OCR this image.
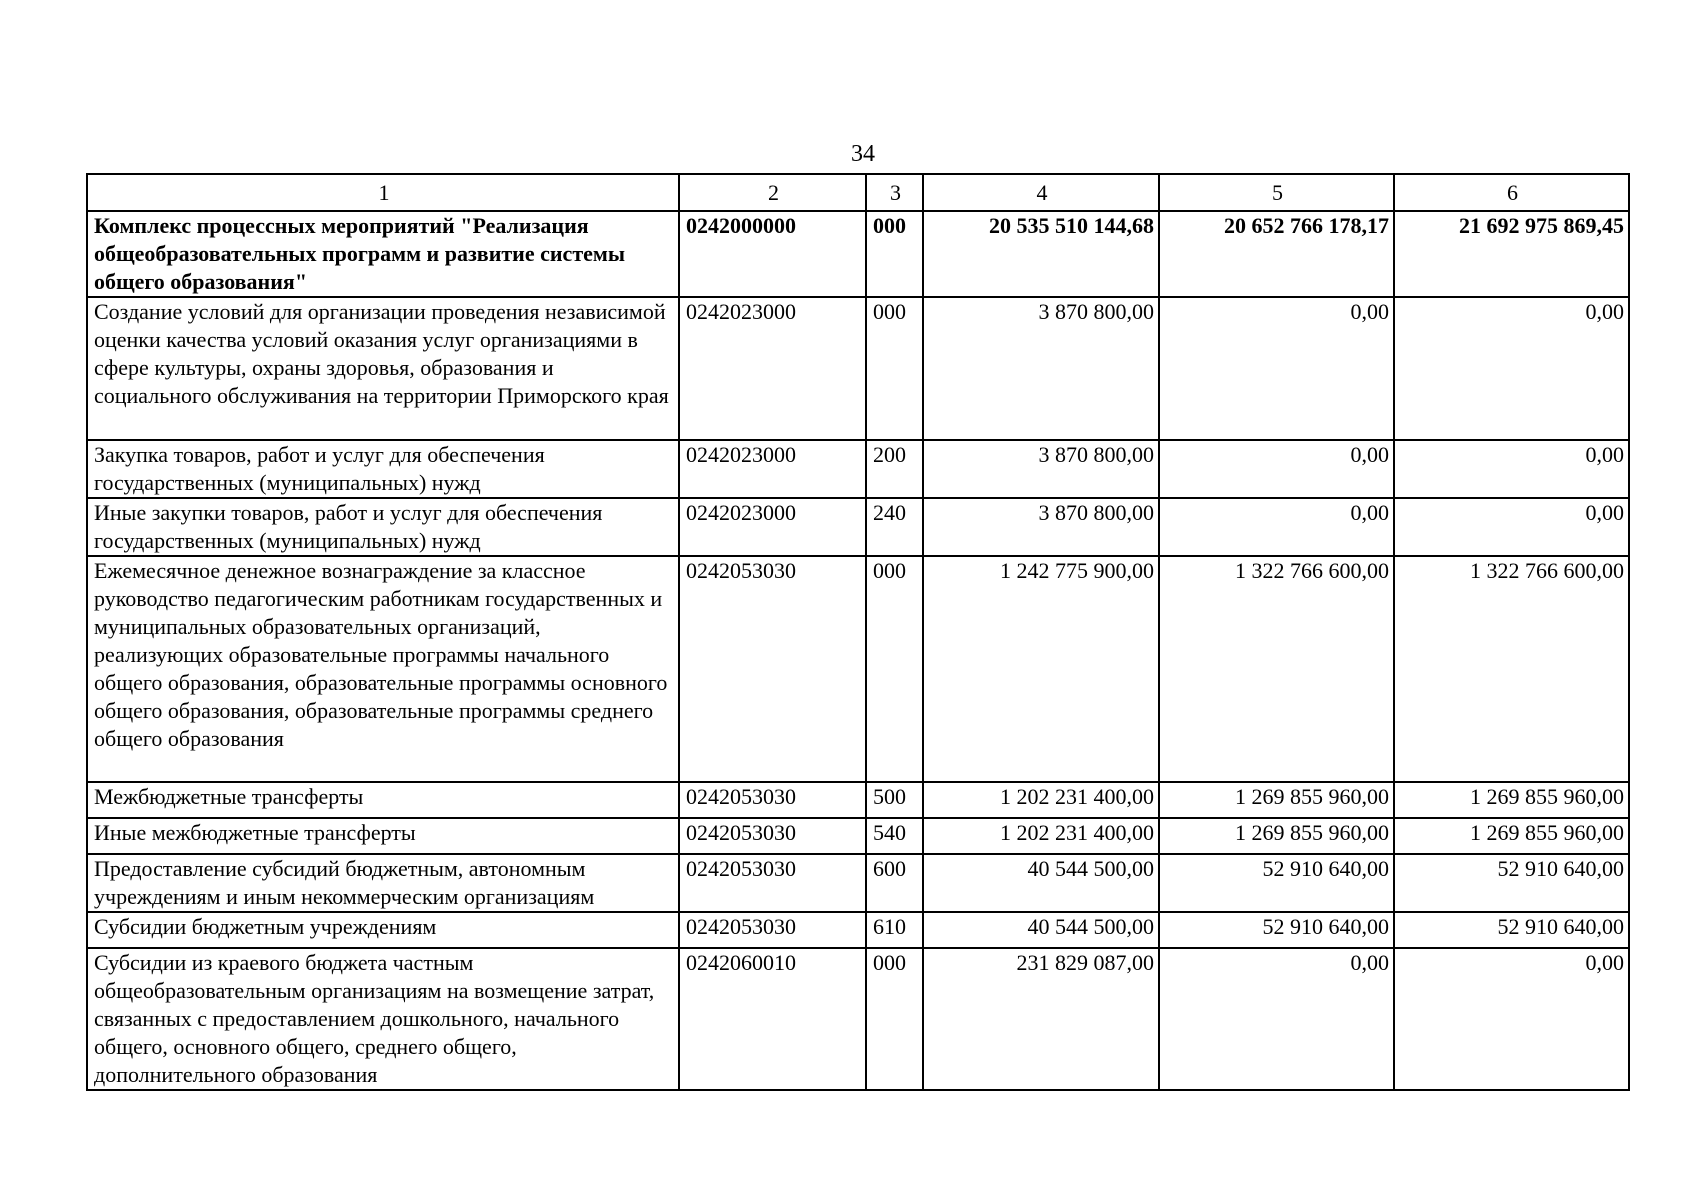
34
1	2	3	4	5	6
Комплекс процессных мероприятий "Реализация общеобразовательных программ и развитие системы общего образования"	0242000000	000	20 535 510 144,68	20 652 766 178,17	21 692 975 869,45
Создание условий для организации проведения независимой оценки качества условий оказания услуг организациями в сфере культуры, охраны здоровья, образования и социального обслуживания на территории Приморского края	0242023000	000	3 870 800,00	0,00	0,00
Закупка товаров, работ и услуг для обеспечения государственных (муниципальных) нужд	0242023000	200	3 870 800,00	0,00	0,00
Иные закупки товаров, работ и услуг для обеспечения государственных (муниципальных) нужд	0242023000	240	3 870 800,00	0,00	0,00
Ежемесячное денежное вознаграждение за классное руководство педагогическим работникам государственных и муниципальных образовательных организаций, реализующих образовательные программы начального общего образования, образовательные программы основного общего образования, образовательные программы среднего общего образования	0242053030	000	1 242 775 900,00	1 322 766 600,00	1 322 766 600,00
Межбюджетные трансферты	0242053030	500	1 202 231 400,00	1 269 855 960,00	1 269 855 960,00
Иные межбюджетные трансферты	0242053030	540	1 202 231 400,00	1 269 855 960,00	1 269 855 960,00
Предоставление субсидий бюджетным, автономным учреждениям и иным некоммерческим организациям	0242053030	600	40 544 500,00	52 910 640,00	52 910 640,00
Субсидии бюджетным учреждениям	0242053030	610	40 544 500,00	52 910 640,00	52 910 640,00
Субсидии из краевого бюджета частным общеобразовательным организациям на возмещение затрат, связанных с предоставлением дошкольного, начального общего, основного общего, среднего общего, дополнительного образования	0242060010	000	231 829 087,00	0,00	0,00
